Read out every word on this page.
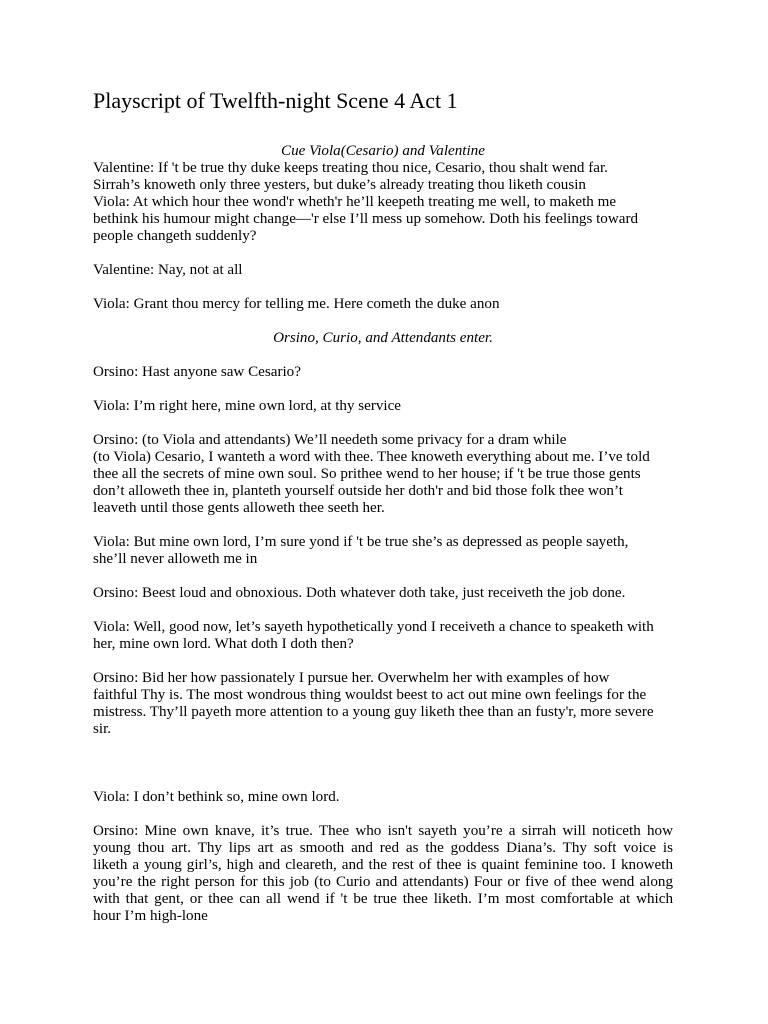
Playscript of Twelfth-night Scene 4 Act 1
Cue Viola(Cesario) and Valentine
Valentine: If 't be true thy duke keeps treating thou nice, Cesario, thou shalt wend far.
Sirrah’s knoweth only three yesters, but duke’s already treating thou liketh cousin
Viola: At which hour thee wond'r wheth'r he’ll keepeth treating me well, to maketh me
bethink his humour might change—'r else I’ll mess up somehow. Doth his feelings toward
people changeth suddenly?
Valentine: Nay, not at all
Viola: Grant thou mercy for telling me. Here cometh the duke anon
Orsino, Curio, and Attendants enter.
Orsino: Hast anyone saw Cesario?
Viola: I’m right here, mine own lord, at thy service
Orsino: (to Viola and attendants) We’ll needeth some privacy for a dram while
(to Viola) Cesario, I wanteth a word with thee. Thee knoweth everything about me. I’ve told
thee all the secrets of mine own soul. So prithee wend to her house; if 't be true those gents
don’t alloweth thee in, planteth yourself outside her doth'r and bid those folk thee won’t
leaveth until those gents alloweth thee seeth her.
Viola: But mine own lord, I’m sure yond if 't be true she’s as depressed as people sayeth,
she’ll never alloweth me in
Orsino: Beest loud and obnoxious. Doth whatever doth take, just receiveth the job done.
Viola: Well, good now, let’s sayeth hypothetically yond I receiveth a chance to speaketh with
her, mine own lord. What doth I doth then?
Orsino: Bid her how passionately I pursue her. Overwhelm her with examples of how
faithful Thy is. The most wondrous thing wouldst beest to act out mine own feelings for the
mistress. Thy’ll payeth more attention to a young guy liketh thee than an fusty'r, more severe
sir.
Viola: I don’t bethink so, mine own lord.
Orsino: Mine own knave, it’s true. Thee who isn't sayeth you’re a sirrah will noticeth how
young thou art. Thy lips art as smooth and red as the goddess Diana’s. Thy soft voice is
liketh a young girl’s, high and cleareth, and the rest of thee is quaint feminine too. I knoweth
you’re the right person for this job (to Curio and attendants) Four or five of thee wend along
with that gent, or thee can all wend if 't be true thee liketh. I’m most comfortable at which
hour I’m high-lone
